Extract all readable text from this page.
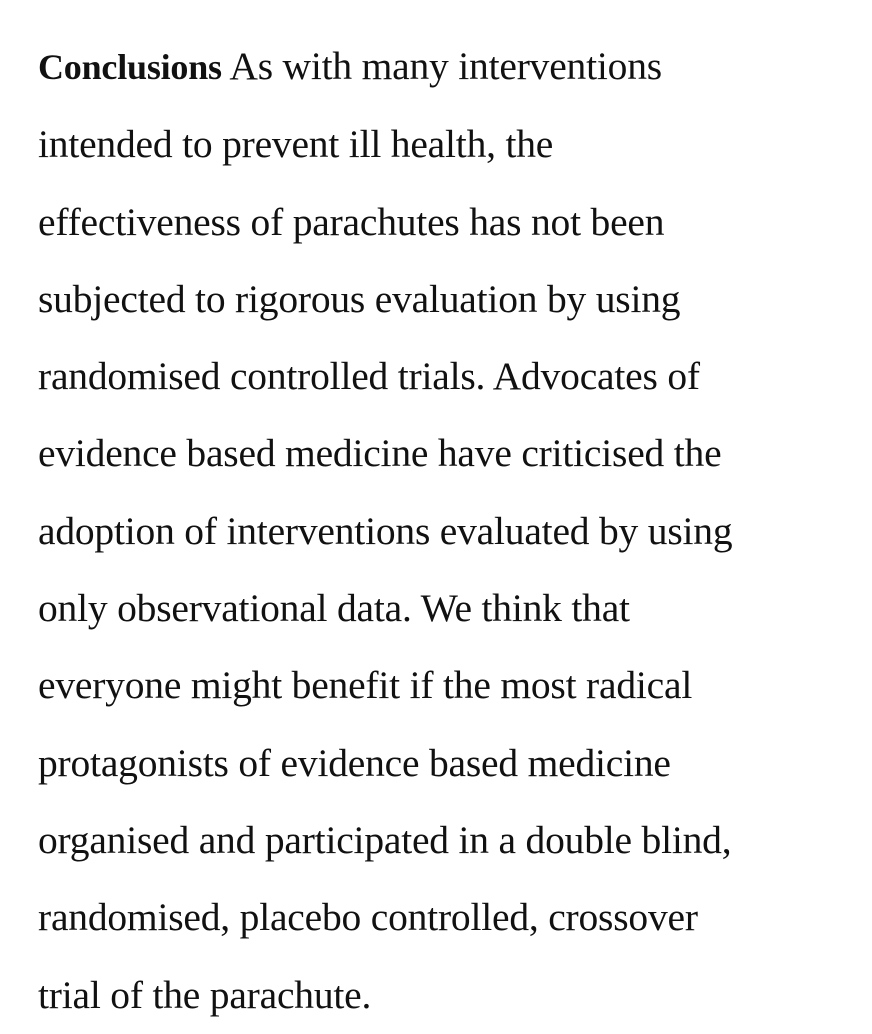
Conclusions As with many interventions
intended to prevent ill health, the
effectiveness of parachutes has not been
subjected to rigorous evaluation by using
randomised controlled trials. Advocates of
evidence based medicine have criticised the
adoption of interventions evaluated by using
only observational data. We think that
everyone might benefit if the most radical
protagonists of evidence based medicine
organised and participated in a double blind,
randomised, placebo controlled, crossover
trial of the parachute.
